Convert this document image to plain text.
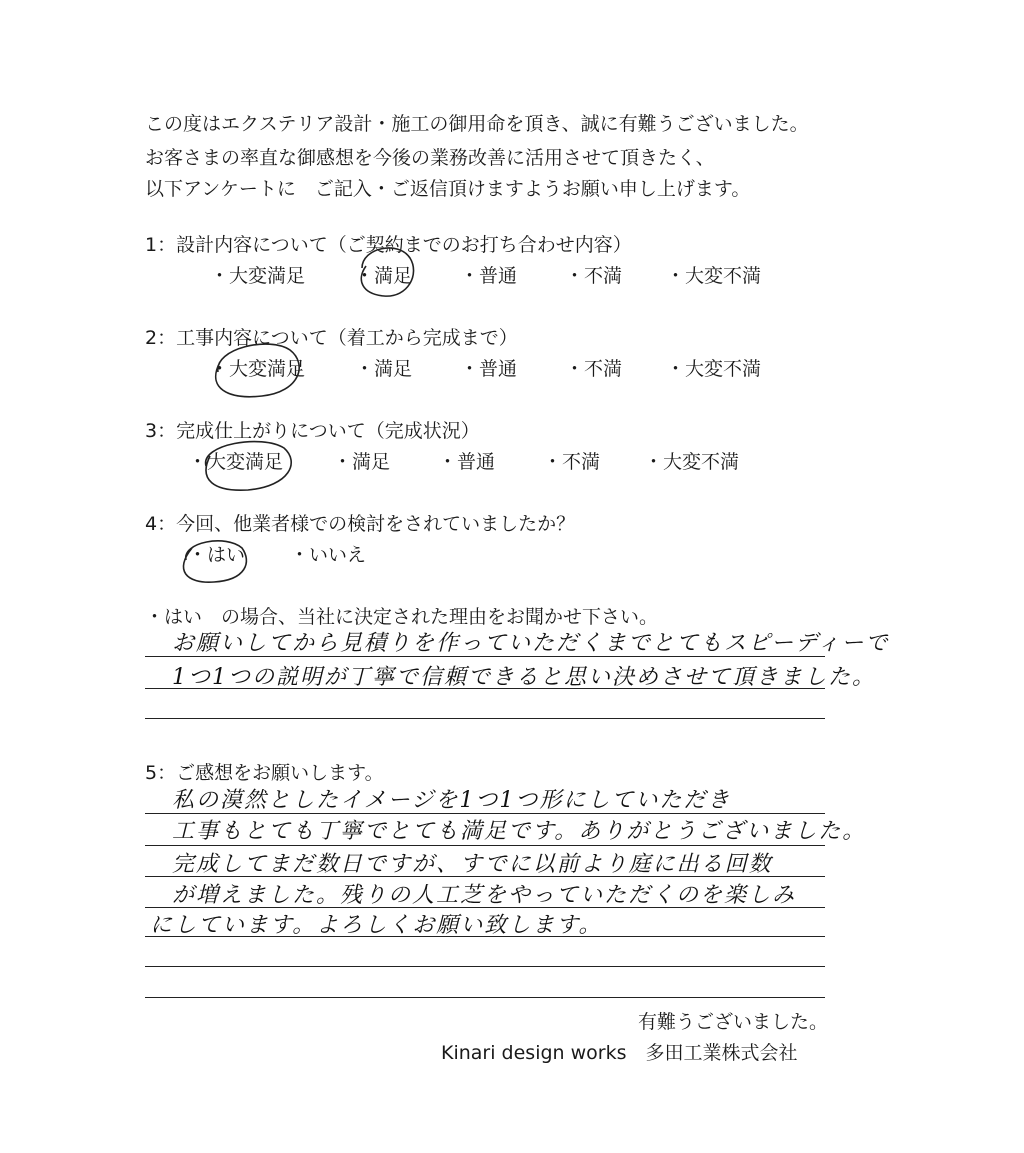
この度はエクステリア設計・施工の御用命を頂き、誠に有難うございました。
お客さまの率直な御感想を今後の業務改善に活用させて頂きたく、
以下アンケートに　ご記入・ご返信頂けますようお願い申し上げます。
1：設計内容について（ご契約までのお打ち合わせ内容）
・大変満足	・満足	・普通	・不満 ・大変不満
2：工事内容について（着工から完成まで）
・大変満足	・満足	・普通	・不満 ・大変不満
3：完成仕上がりについて（完成状況）
・大変満足	・満足	・普通	・不満 ・大変不満
4：今回、他業者様での検討をされていましたか？
・はい ・いいえ
・はい　の場合、当社に決定された理由をお聞かせ下さい。
お願いしてから見積りを作っていただくまでとてもスピーディーで
1つ1つの説明が丁寧で信頼できると思い決めさせて頂きました。
5：ご感想をお願いします。
私の漠然としたイメージを1つ1つ形にしていただき
工事もとても丁寧でとても満足です。ありがとうございました。
完成してまだ数日ですが、すでに以前より庭に出る回数
が増えました。残りの人工芝をやっていただくのを楽しみ
にしています。よろしくお願い致します。
有難うございました。
Kinari design works　多田工業株式会社
